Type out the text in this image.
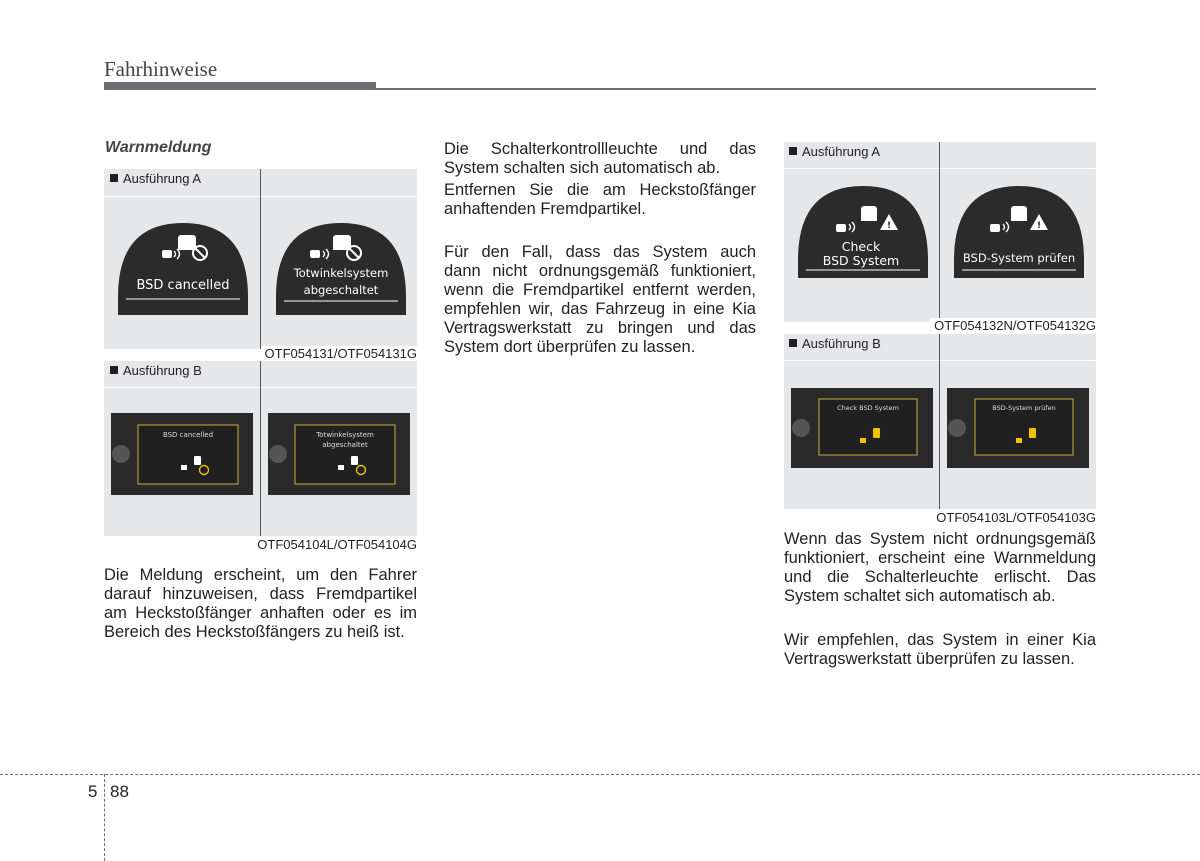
Fahrhinweise
Warnmeldung
Ausführung A
BSD cancelled
Totwinkelsystem
abgeschaltet
OTF054131/OTF054131G
Ausführung B
BSD cancelled	Totwinkelsystem
abgeschaltet
OTF054104L/OTF054104G
Die Meldung erscheint, um den Fahrer
darauf hinzuweisen, dass Fremdpartikel
am Heckstoßfänger anhaften oder es im
Bereich des Heckstoßfängers zu heiß ist.
Die Schalterkontrollleuchte und das
System schalten sich automatisch ab.
Entfernen Sie die am Heckstoßfänger
anhaftenden Fremdpartikel.
Für den Fall, dass das System auch
dann nicht ordnungsgemäß funktioniert,
wenn die Fremdpartikel entfernt werden,
empfehlen wir, das Fahrzeug in eine Kia
Vertragswerkstatt zu bringen und das
System dort überprüfen zu lassen.
Ausführung A
!
Check
BSD System
!
BSD-System prüfen
OTF054132N/OTF054132G
Ausführung B
Check BSD System	BSD-System prüfen
OTF054103L/OTF054103G
Wenn das System nicht ordnungsgemäß
funktioniert, erscheint eine Warnmeldung
und die Schalterleuchte erlischt. Das
System schaltet sich automatisch ab.
Wir empfehlen, das System in einer Kia
Vertragswerkstatt überprüfen zu lassen.
5 88
